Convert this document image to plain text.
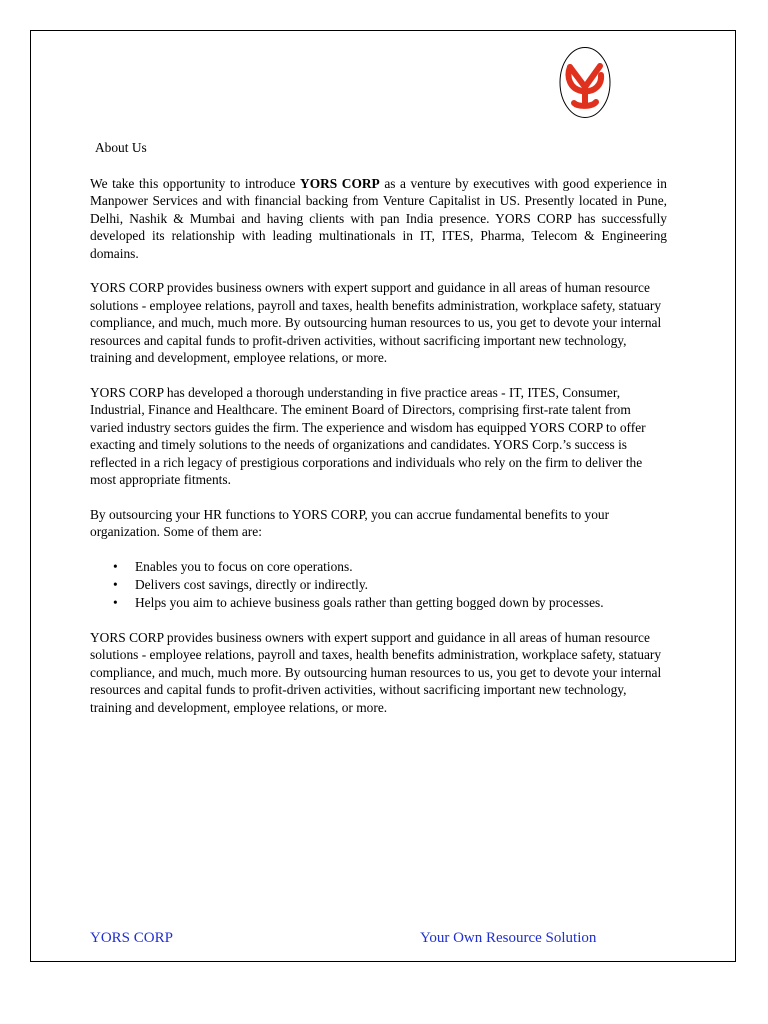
About Us

We take this opportunity to introduce YORS CORP as a venture by executives with good experience in Manpower Services and with financial backing from Venture Capitalist in US. Presently located in Pune, Delhi, Nashik & Mumbai and having clients with pan India presence. YORS CORP has successfully developed its relationship with leading multinationals in IT, ITES, Pharma, Telecom & Engineering domains.

YORS CORP provides business owners with expert support and guidance in all areas of human resource solutions - employee relations, payroll and taxes, health benefits administration, workplace safety, statuary compliance, and much, much more. By outsourcing human resources to us, you get to devote your internal resources and capital funds to profit-driven activities, without sacrificing important new technology, training and development, employee relations, or more.

YORS CORP has developed a thorough understanding in five practice areas - IT, ITES, Consumer, Industrial, Finance and Healthcare. The eminent Board of Directors, comprising first-rate talent from varied industry sectors guides the firm. The experience and wisdom has equipped YORS CORP to offer exacting and timely solutions to the needs of organizations and candidates. YORS Corp.’s success is reflected in a rich legacy of prestigious corporations and individuals who rely on the firm to deliver the most appropriate fitments.

By outsourcing your HR functions to YORS CORP, you can accrue fundamental benefits to your organization. Some of them are:

• Enables you to focus on core operations.
• Delivers cost savings, directly or indirectly.
• Helps you aim to achieve business goals rather than getting bogged down by processes.

YORS CORP provides business owners with expert support and guidance in all areas of human resource solutions - employee relations, payroll and taxes, health benefits administration, workplace safety, statuary compliance, and much, much more. By outsourcing human resources to us, you get to devote your internal resources and capital funds to profit-driven activities, without sacrificing important new technology, training and development, employee relations, or more.

YORS CORP	Your Own Resource Solution
